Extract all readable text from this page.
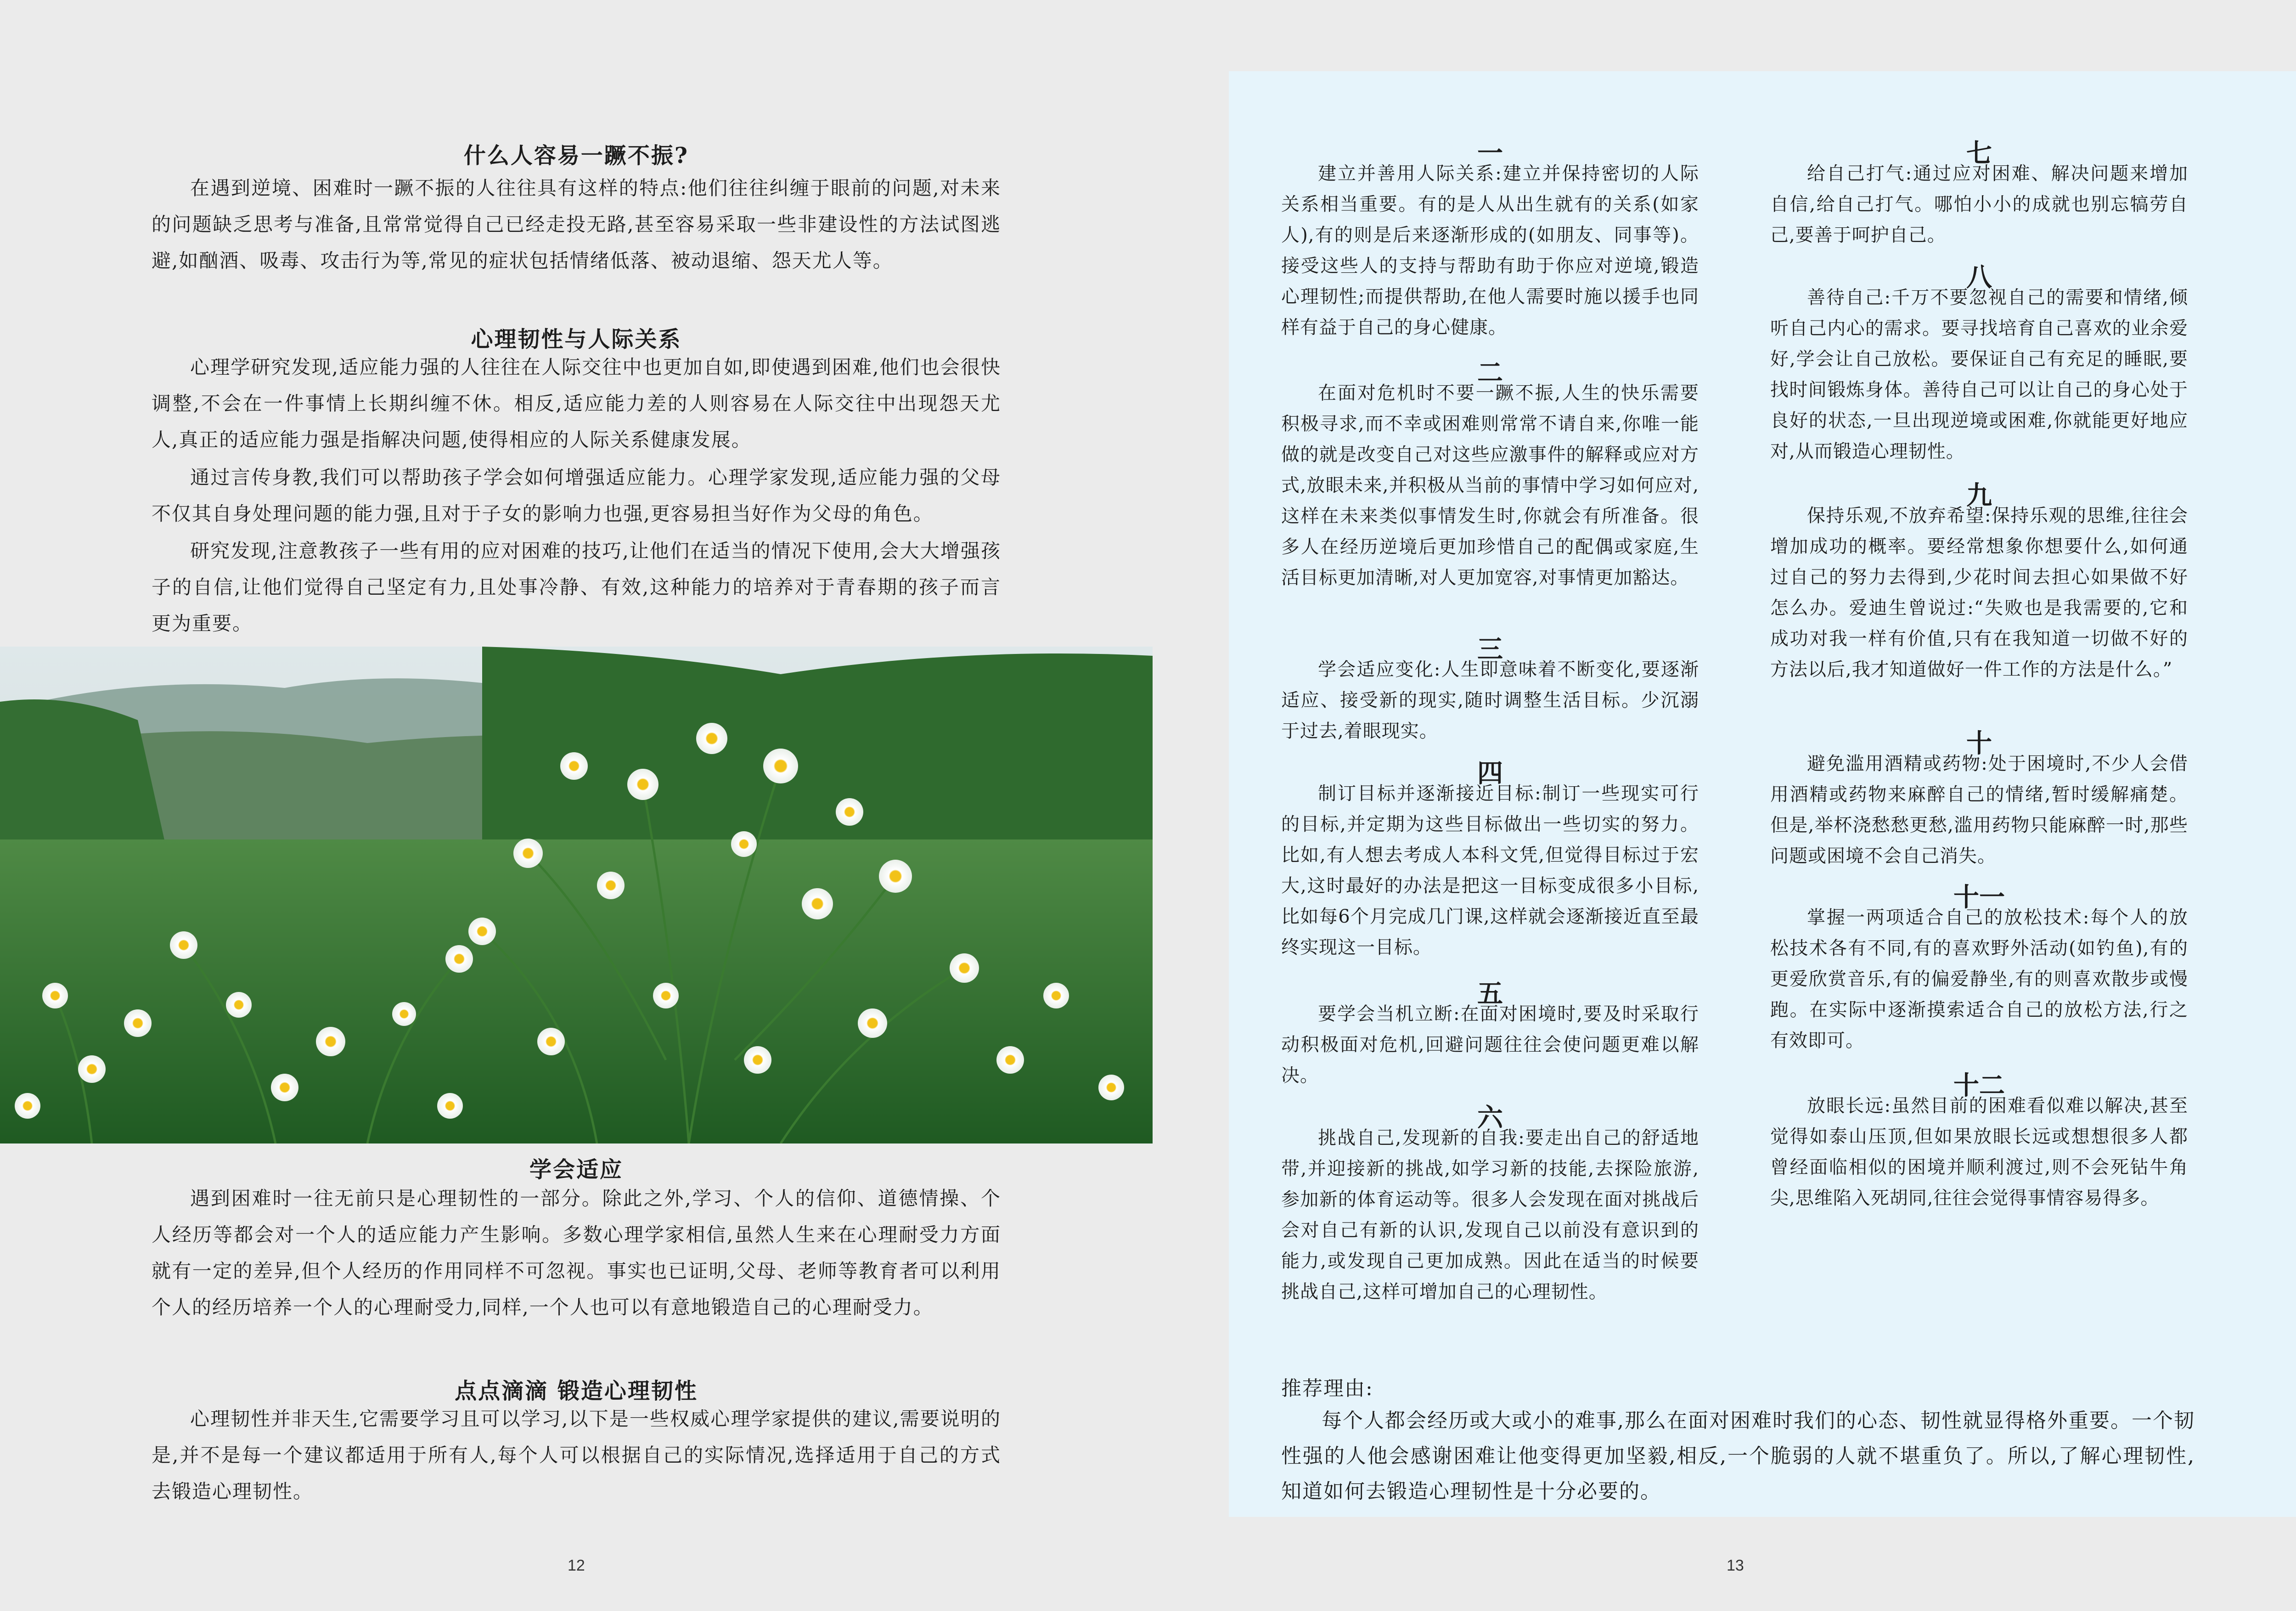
什么人容易一蹶不振?
在遇到逆境、困难时一蹶不振的人往往具有这样的特点:他们往往纠缠于眼前的问题,对未来的问题缺乏思考与准备,且常常觉得自己已经走投无路,甚至容易采取一些非建设性的方法试图逃避,如酗酒、吸毒、攻击行为等,常见的症状包括情绪低落、被动退缩、怨天尤人等。
心理韧性与人际关系
心理学研究发现,适应能力强的人往往在人际交往中也更加自如,即使遇到困难,他们也会很快调整,不会在一件事情上长期纠缠不休。相反,适应能力差的人则容易在人际交往中出现怨天尤人,真正的适应能力强是指解决问题,使得相应的人际关系健康发展。
通过言传身教,我们可以帮助孩子学会如何增强适应能力。心理学家发现,适应能力强的父母不仅其自身处理问题的能力强,且对于子女的影响力也强,更容易担当好作为父母的角色。
研究发现,注意教孩子一些有用的应对困难的技巧,让他们在适当的情况下使用,会大大增强孩子的自信,让他们觉得自己坚定有力,且处事冷静、有效,这种能力的培养对于青春期的孩子而言更为重要。
学会适应
遇到困难时一往无前只是心理韧性的一部分。除此之外,学习、个人的信仰、道德情操、个人经历等都会对一个人的适应能力产生影响。多数心理学家相信,虽然人生来在心理耐受力方面就有一定的差异,但个人经历的作用同样不可忽视。事实也已证明,父母、老师等教育者可以利用个人的经历培养一个人的心理耐受力,同样,一个人也可以有意地锻造自己的心理耐受力。
点点滴滴 锻造心理韧性
心理韧性并非天生,它需要学习且可以学习,以下是一些权威心理学家提供的建议,需要说明的是,并不是每一个建议都适用于所有人,每个人可以根据自己的实际情况,选择适用于自己的方式去锻造心理韧性。
12
一
建立并善用人际关系:建立并保持密切的人际关系相当重要。有的是人从出生就有的关系(如家人),有的则是后来逐渐形成的(如朋友、同事等)。接受这些人的支持与帮助有助于你应对逆境,锻造心理韧性;而提供帮助,在他人需要时施以援手也同样有益于自己的身心健康。
二
在面对危机时不要一蹶不振,人生的快乐需要积极寻求,而不幸或困难则常常不请自来,你唯一能做的就是改变自己对这些应激事件的解释或应对方式,放眼未来,并积极从当前的事情中学习如何应对,这样在未来类似事情发生时,你就会有所准备。很多人在经历逆境后更加珍惜自己的配偶或家庭,生活目标更加清晰,对人更加宽容,对事情更加豁达。
三
学会适应变化:人生即意味着不断变化,要逐渐适应、接受新的现实,随时调整生活目标。少沉溺于过去,着眼现实。
四
制订目标并逐渐接近目标:制订一些现实可行的目标,并定期为这些目标做出一些切实的努力。比如,有人想去考成人本科文凭,但觉得目标过于宏大,这时最好的办法是把这一目标变成很多小目标,比如每6个月完成几门课,这样就会逐渐接近直至最终实现这一目标。
五
要学会当机立断:在面对困境时,要及时采取行动积极面对危机,回避问题往往会使问题更难以解决。
六
挑战自己,发现新的自我:要走出自己的舒适地带,并迎接新的挑战,如学习新的技能,去探险旅游,参加新的体育运动等。很多人会发现在面对挑战后会对自己有新的认识,发现自己以前没有意识到的能力,或发现自己更加成熟。因此在适当的时候要挑战自己,这样可增加自己的心理韧性。
七
给自己打气:通过应对困难、解决问题来增加自信,给自己打气。哪怕小小的成就也别忘犒劳自己,要善于呵护自己。
八
善待自己:千万不要忽视自己的需要和情绪,倾听自己内心的需求。要寻找培育自己喜欢的业余爱好,学会让自己放松。要保证自己有充足的睡眠,要找时间锻炼身体。善待自己可以让自己的身心处于良好的状态,一旦出现逆境或困难,你就能更好地应对,从而锻造心理韧性。
九
保持乐观,不放弃希望:保持乐观的思维,往往会增加成功的概率。要经常想象你想要什么,如何通过自己的努力去得到,少花时间去担心如果做不好怎么办。爱迪生曾说过:“失败也是我需要的,它和成功对我一样有价值,只有在我知道一切做不好的方法以后,我才知道做好一件工作的方法是什么。”
十
避免滥用酒精或药物:处于困境时,不少人会借用酒精或药物来麻醉自己的情绪,暂时缓解痛楚。但是,举杯浇愁愁更愁,滥用药物只能麻醉一时,那些问题或困境不会自己消失。
十一
掌握一两项适合自己的放松技术:每个人的放松技术各有不同,有的喜欢野外活动(如钓鱼),有的更爱欣赏音乐,有的偏爱静坐,有的则喜欢散步或慢跑。在实际中逐渐摸索适合自己的放松方法,行之有效即可。
十二
放眼长远:虽然目前的困难看似难以解决,甚至觉得如泰山压顶,但如果放眼长远或想想很多人都曾经面临相似的困境并顺利渡过,则不会死钻牛角尖,思维陷入死胡同,往往会觉得事情容易得多。
推荐理由:
每个人都会经历或大或小的难事,那么在面对困难时我们的心态、韧性就显得格外重要。一个韧性强的人他会感谢困难让他变得更加坚毅,相反,一个脆弱的人就不堪重负了。所以,了解心理韧性,知道如何去锻造心理韧性是十分必要的。
13
